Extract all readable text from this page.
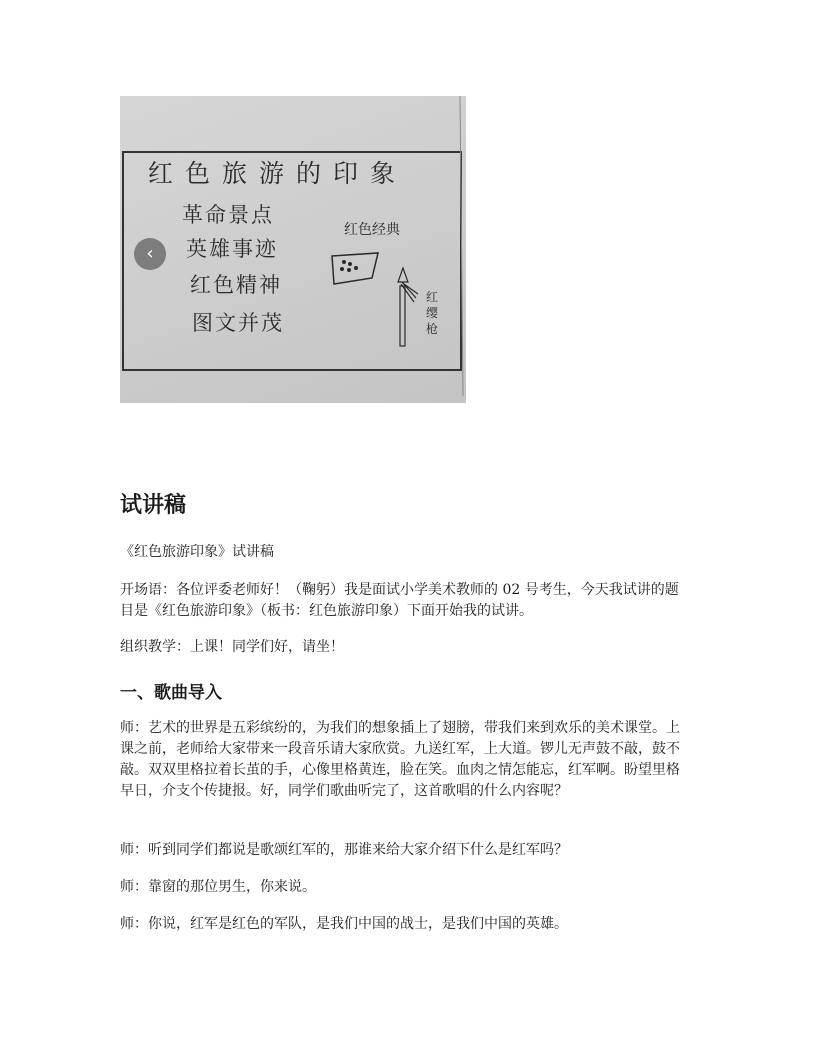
红色旅游的印象
革命景点
英雄事迹
红色精神
图文并茂
红色经典
红
缨
枪
‹
试讲稿

《红色旅游印象》试讲稿

开场语：各位评委老师好！（鞠躬）我是面试小学美术教师的 02 号考生，今天我试讲的题目是《红色旅游印象》（板书：红色旅游印象）下面开始我的试讲。

组织教学：上课！同学们好，请坐！

一、歌曲导入

师：艺术的世界是五彩缤纷的，为我们的想象插上了翅膀，带我们来到欢乐的美术课堂。上课之前，老师给大家带来一段音乐请大家欣赏。九送红军，上大道。锣儿无声鼓不敲，鼓不敲。双双里格拉着长茧的手，心像里格黄连，脸在笑。血肉之情怎能忘，红军啊。盼望里格早日，介支个传捷报。好，同学们歌曲听完了，这首歌唱的什么内容呢？

师：听到同学们都说是歌颂红军的，那谁来给大家介绍下什么是红军吗？

师：靠窗的那位男生，你来说。

师：你说，红军是红色的军队，是我们中国的战士，是我们中国的英雄。
